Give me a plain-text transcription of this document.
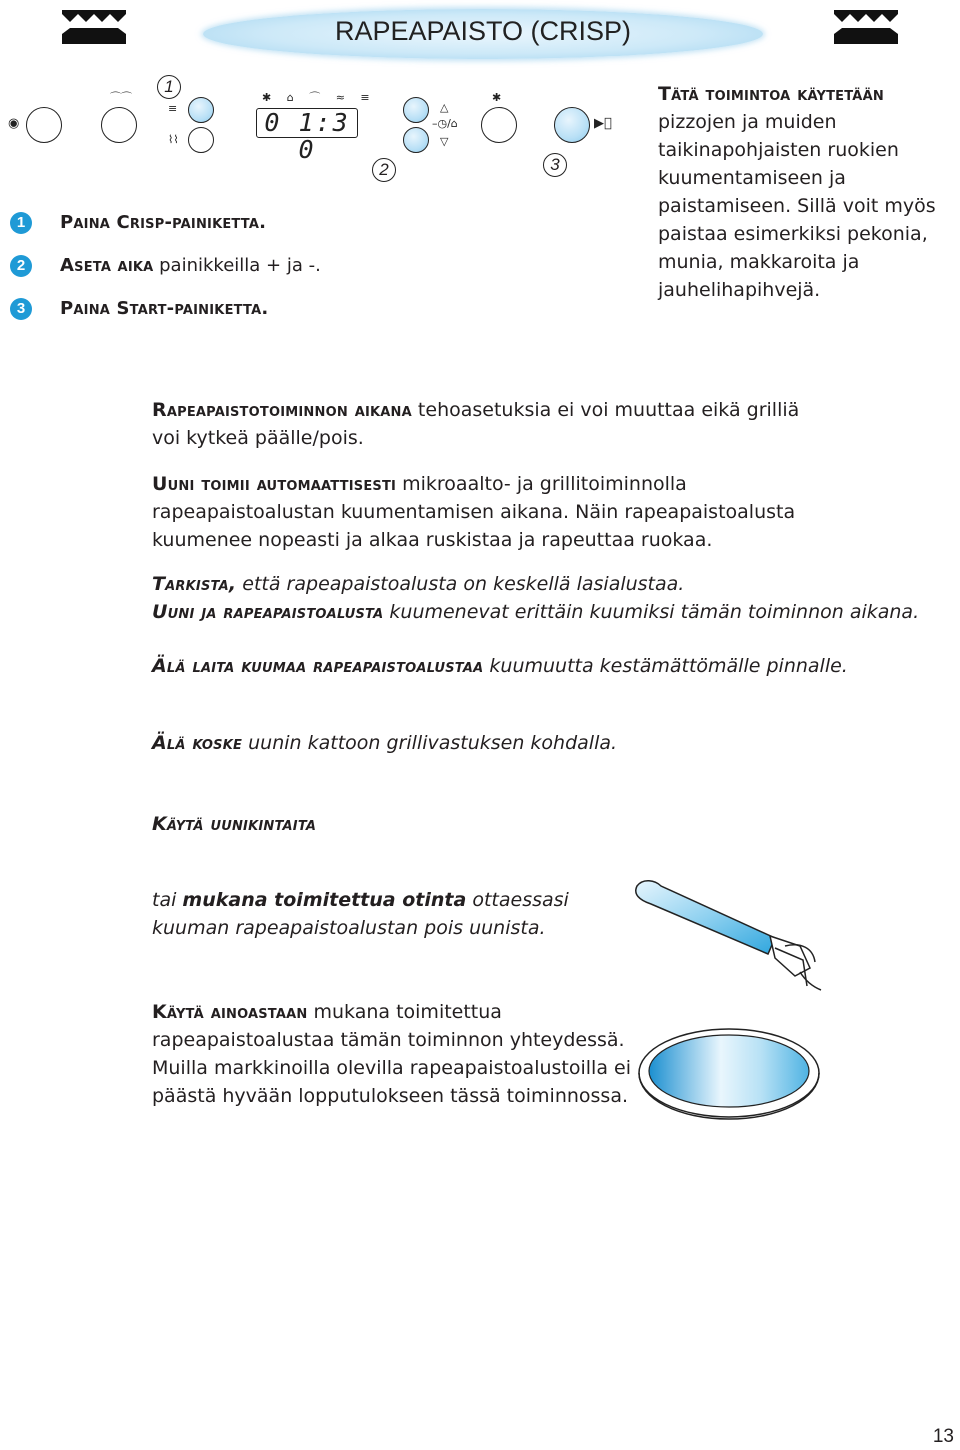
RAPEAPAISTO (CRISP)
◉
⌒⌒
1
≡
⌇⌇
✱ ⌂ ⌒ ≈ ≡
0 1:3 0
2
△
–◷/⌂
▽
✱
3
▶⃝
1	Paina Crisp-painiketta.
2	Aseta aika painikkeilla + ja -.
3	Paina Start-painiketta.
Tätä toimintoa käytetään pizzojen ja muiden taikinapohjaisten ruokien kuumentamiseen ja paistamiseen. Sillä voit myös paistaa esimerkiksi pekonia, munia, makkaroita ja jauhelihapihvejä.
Rapeapaistotoiminnon aikana tehoasetuksia ei voi muuttaa eikä grilliä voi kytkeä päälle/pois.
Uuni toimii automaattisesti mikroaalto- ja grillitoiminnolla rapeapaistoalustan kuumentamisen aikana. Näin rapeapaistoalusta kuumenee nopeasti ja alkaa ruskistaa ja rapeuttaa ruokaa.
Tarkista, että rapeapaistoalusta on keskellä lasialustaa.
Uuni ja rapeapaistoalusta kuumenevat erittäin kuumiksi tämän toiminnon aikana.
Älä laita kuumaa rapeapaistoalustaa kuumuutta kestämättömälle pinnalle.
Älä koske uunin kattoon grillivastuksen kohdalla.
Käytä uunikintaita
tai mukana toimitettua otinta ottaessasi kuuman rapeapaistoalustan pois uunista.
Käytä ainoastaan mukana toimitettua rapeapaistoalustaa tämän toiminnon yhteydessä. Muilla markkinoilla olevilla rapeapaistoalustoilla ei päästä hyvään lopputulokseen tässä toiminnossa.
13
